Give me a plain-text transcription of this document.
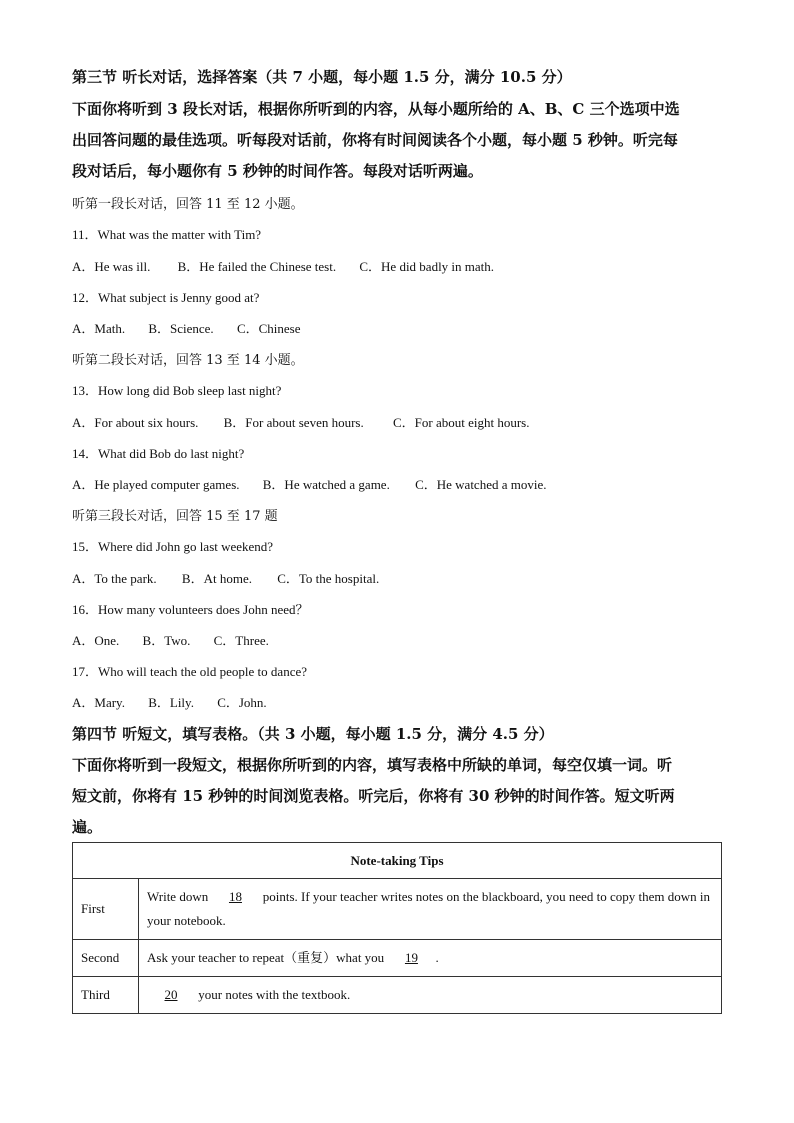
第三节 听长对话，选择答案（共 7 小题，每小题 1.5 分，满分 10.5 分）
下面你将听到 3 段长对话，根据你所听到的内容，从每小题所给的 A、B、C 三个选项中选
出回答问题的最佳选项。听每段对话前，你将有时间阅读各个小题，每小题 5 秒钟。听完每
段对话后，每小题你有 5 秒钟的时间作答。每段对话听两遍。
听第一段长对话，回答 11 至 12 小题。
11．What was the matter with Tim?
A．He was ill. B．He failed the Chinese test. C．He did badly in math.
12．What subject is Jenny good at?
A．Math. B．Science. C．Chinese
听第二段长对话，回答 13 至 14 小题。
13．How long did Bob sleep last night?
A．For about six hours. B．For about seven hours. C．For about eight hours.
14．What did Bob do last night?
A．He played computer games. B．He watched a game. C．He watched a movie.
听第三段长对话，回答 15 至 17 题
15．Where did John go last weekend?
A．To the park. B．At home. C．To the hospital.
16．How many volunteers does John need？
A．One. B．Two. C．Three.
17．Who will teach the old people to dance?
A．Mary. B．Lily. C．John.
第四节 听短文，填写表格。（共 3 小题，每小题 1.5 分，满分 4.5 分）
下面你将听到一段短文，根据你所听到的内容，填写表格中所缺的单词，每空仅填一词。听
短文前，你将有 15 秒钟的时间浏览表格。听完后，你将有 30 秒钟的时间作答。短文听两
遍。
Note-taking Tips	
First	Write down 18 points. If your teacher writes notes on the blackboard, you need to copy them down in your notebook.
Second	Ask your teacher to repeat（重复）what you 19 .
Third	20 your notes with the textbook.
